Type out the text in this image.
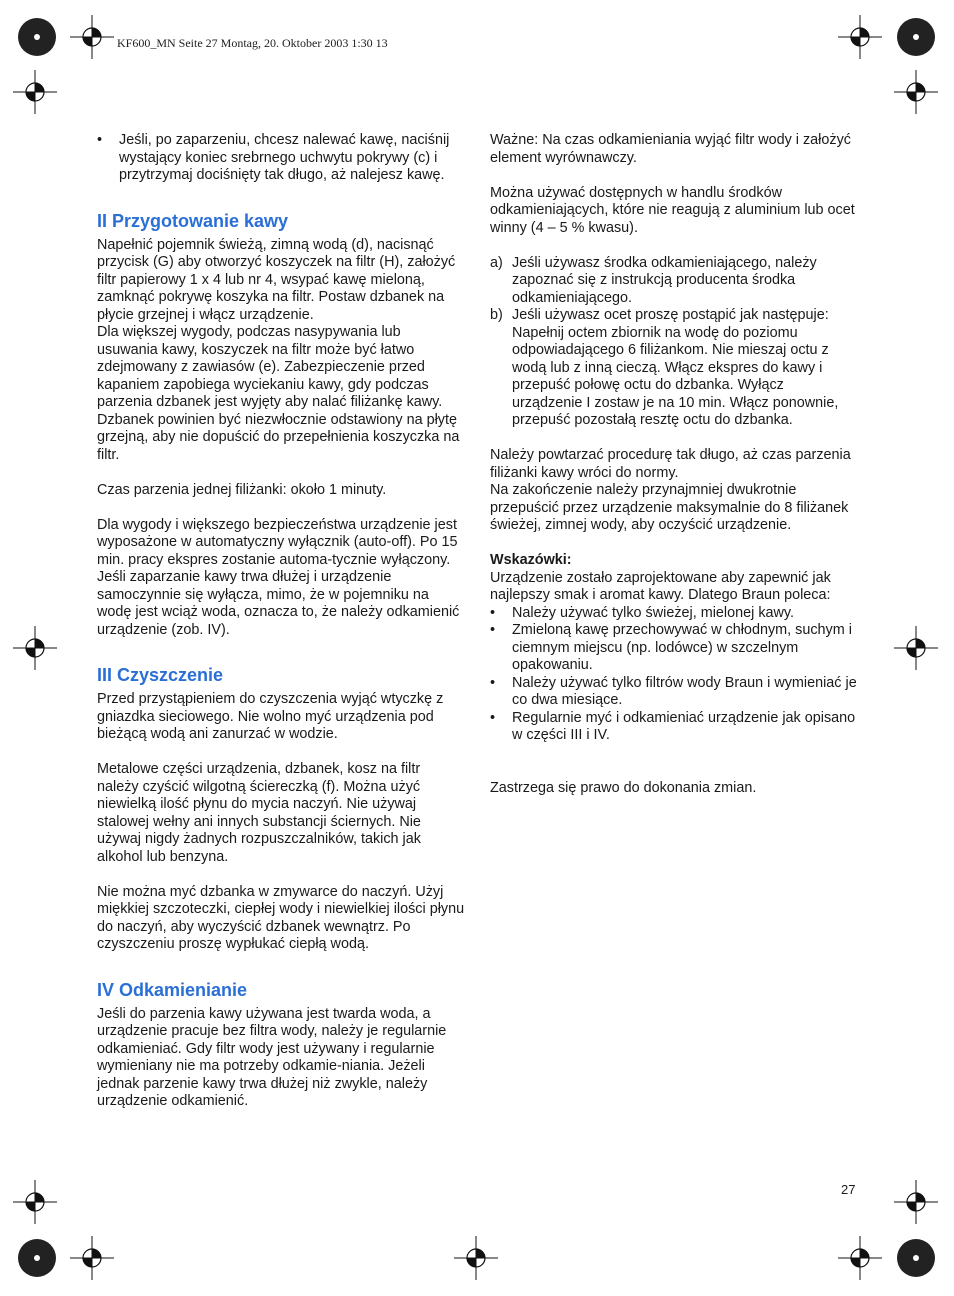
KF600_MN Seite 27 Montag, 20. Oktober 2003 1:30 13
•	Jeśli, po zaparzeniu, chcesz nalewać kawę, naciśnij wystający koniec srebrnego uchwytu pokrywy (c) i przytrzymaj dociśnięty tak długo, aż nalejesz kawę.
II Przygotowanie kawy

Napełnić pojemnik świeżą, zimną wodą (d), nacisnąć przycisk (G) aby otworzyć koszyczek na filtr (H), założyć filtr papierowy 1 x 4 lub nr 4, wsypać kawę mieloną, zamknąć pokrywę koszyka na filtr. Postaw dzbanek na płycie grzejnej i włącz urządzenie.

Dla większej wygody, podczas nasypywania lub usuwania kawy, koszyczek na filtr może być łatwo zdejmowany z zawiasów (e). Zabezpieczenie przed kapaniem zapobiega wyciekaniu kawy, gdy podczas parzenia dzbanek jest wyjęty aby nalać filiżankę kawy. Dzbanek powinien być niezwłocznie odstawiony na płytę grzejną, aby nie dopuścić do przepełnienia koszyczka na filtr.

Czas parzenia jednej filiżanki: około 1 minuty.

Dla wygody i większego bezpieczeństwa urządzenie jest wyposażone w automatyczny wyłącznik (auto-off). Po 15 min. pracy ekspres zostanie automa-tycznie wyłączony.

Jeśli zaparzanie kawy trwa dłużej i urządzenie samoczynnie się wyłącza, mimo, że w pojemniku na wodę jest wciąż woda, oznacza to, że należy odkamienić urządzenie (zob. IV).

III Czyszczenie

Przed przystąpieniem do czyszczenia wyjąć wtyczkę z gniazdka sieciowego. Nie wolno myć urządzenia pod bieżącą wodą ani zanurzać w wodzie.

Metalowe części urządzenia, dzbanek, kosz na filtr należy czyścić wilgotną ściereczką (f). Można użyć niewielką ilość płynu do mycia naczyń. Nie używaj stalowej wełny ani innych substancji ściernych. Nie używaj nigdy żadnych rozpuszczalników, takich jak alkohol lub benzyna.

Nie można myć dzbanka w zmywarce do naczyń. Użyj miękkiej szczoteczki, ciepłej wody i niewielkiej ilości płynu do naczyń, aby wyczyścić dzbanek wewnątrz. Po czyszczeniu proszę wypłukać ciepłą wodą.

IV Odkamienianie

Jeśli do parzenia kawy używana jest twarda woda, a urządzenie pracuje bez filtra wody, należy je regularnie odkamieniać. Gdy filtr wody jest używany i regularnie wymieniany nie ma potrzeby odkamie-niania. Jeżeli jednak parzenie kawy trwa dłużej niż zwykle, należy urządzenie odkamienić.

Ważne: Na czas odkamieniania wyjąć filtr wody i założyć element wyrównawczy.

Można używać dostępnych w handlu środków odkamieniających, które nie reagują z aluminium lub ocet winny (4 – 5 % kwasu).

a) Jeśli używasz środka odkamieniającego, należy zapoznać się z instrukcją producenta środka odkamieniającego.
b) Jeśli używasz ocet proszę postąpić jak następuje: Napełnij octem zbiornik na wodę do poziomu odpowiadającego 6 filiżankom. Nie mieszaj octu z wodą lub z inną cieczą. Włącz ekspres do kawy i przepuść połowę octu do dzbanka. Wyłącz urządzenie I zostaw je na 10 min. Włącz ponownie, przepuść pozostałą resztę octu do dzbanka.

Należy powtarzać procedurę tak długo, aż czas parzenia filiżanki kawy wróci do normy.

Na zakończenie należy przynajmniej dwukrotnie przepuścić przez urządzenie maksymalnie do 8 filiżanek świeżej, zimnej wody, aby oczyścić urządzenie.

Wskazówki:

Urządzenie zostało zaprojektowane aby zapewnić jak najlepszy smak i aromat kawy. Dlatego Braun poleca:

•	Należy używać tylko świeżej, mielonej kawy.
•	Zmieloną kawę przechowywać w chłodnym, suchym i ciemnym miejscu (np. lodówce) w szczelnym opakowaniu.
•	Należy używać tylko filtrów wody Braun i wymieniać je co dwa miesiące.
•	Regularnie myć i odkamieniać urządzenie jak opisano w części III i IV.

Zastrzega się prawo do dokonania zmian.

27
